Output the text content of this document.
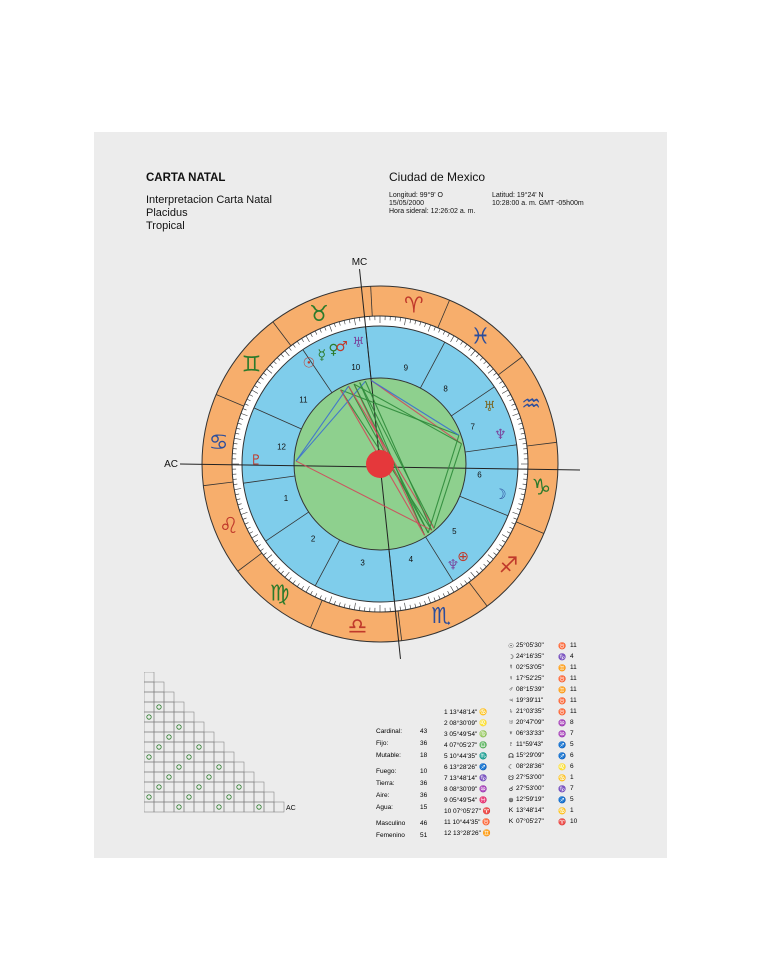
CARTA NATAL
Interpretacion Carta Natal
Placidus
Tropical
Ciudad de Mexico
Longitud: 99°9' O	Latitud: 19°24' N
15/05/2000	10:28:00 a. m. GMT -05h00m
Hora sideral: 12:26:02 a. m.
♈
♓
♒
♑
♐
♏
♎
♍
♌
♋
♊
♉
10	9
8
7
6
5
4
3
2
1
12
11
AC
MC
☿ ♀
♂
☉
♅
☽
♇
♅
♆
⊕
♆
Cardinal:	43
Fijo:	36
Mutable:	18
Fuego:	10
Tierra:	36
Aire:	36
Agua:	15
Masculino 46
Femenino 51
1 13°48'14" ♋
2 08°30'09" ♌
3 05°49'54" ♍
4 07°05'27" ♎
5 10°44'35" ♏
6 13°28'26" ♐
7 13°48'14" ♑
8 08°30'09" ♒
9 05°49'54" ♓
10 07°05'27" ♈
11 10°44'35" ♉
12 13°28'26" ♊
☉ 25°05'30" ♉ 11
☽ 24°16'35" ♑ 4
☿ 02°53'05" ♊ 11
♀ 17°52'25" ♉ 11
♂ 08°15'39" ♊ 11
♃ 19°39'11" ♉ 11
♄ 21°03'35" ♉ 11
♅ 20°47'09" ♒ 8
♆ 06°33'33" ♒ 7
♇ 11°59'43" ♐ 5
☊ 15°29'09" ♐ 6
☾ 08°28'36" ♌ 6
☋ 27°53'00" ♋ 1
☌ 27°53'00" ♑ 7
⊕ 12°59'19" ♐ 5
K 13°48'14" ♋ 1
K 07°05'27" ♈ 10
AC
